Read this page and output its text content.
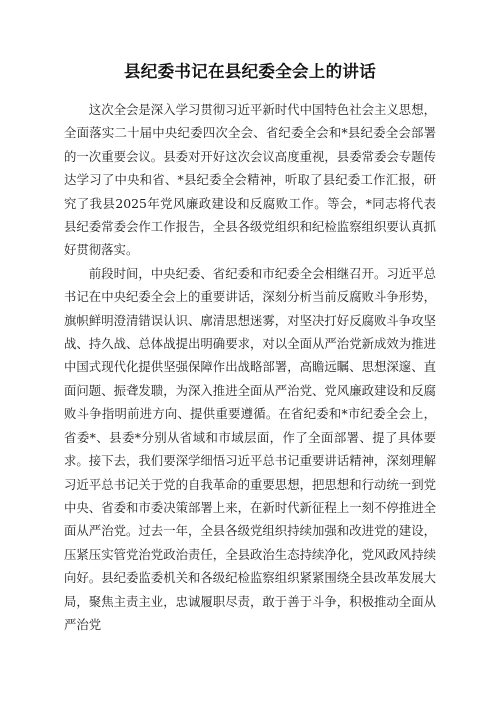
县纪委书记在县纪委全会上的讲话

这次全会是深入学习贯彻习近平新时代中国特色社会主义思想，全面落实二十届中央纪委四次全会、省纪委全会和*县纪委全会部署的一次重要会议。县委对开好这次会议高度重视，县委常委会专题传达学习了中央和省、*县纪委全会精神，听取了县纪委工作汇报，研究了我县2025年党风廉政建设和反腐败工作。等会，*同志将代表县纪委常委会作工作报告，全县各级党组织和纪检监察组织要认真抓好贯彻落实。

前段时间，中央纪委、省纪委和市纪委全会相继召开。习近平总书记在中央纪委全会上的重要讲话，深刻分析当前反腐败斗争形势，旗帜鲜明澄清错误认识、廓清思想迷雾，对坚决打好反腐败斗争攻坚战、持久战、总体战提出明确要求，对以全面从严治党新成效为推进中国式现代化提供坚强保障作出战略部署，高瞻远瞩、思想深邃、直面问题、振聋发聩，为深入推进全面从严治党、党风廉政建设和反腐败斗争指明前进方向、提供重要遵循。在省纪委和*市纪委全会上，省委*、县委*分别从省域和市域层面，作了全面部署、提了具体要求。接下去，我们要深学细悟习近平总书记重要讲话精神，深刻理解习近平总书记关于党的自我革命的重要思想，把思想和行动统一到党中央、省委和市委决策部署上来，在新时代新征程上一刻不停推进全面从严治党。过去一年，全县各级党组织持续加强和改进党的建设，压紧压实管党治党政治责任，全县政治生态持续净化，党风政风持续向好。县纪委监委机关和各级纪检监察组织紧紧围绕全县改革发展大局，聚焦主责主业，忠诚履职尽责，敢于善于斗争，积极推动全面从严治党
